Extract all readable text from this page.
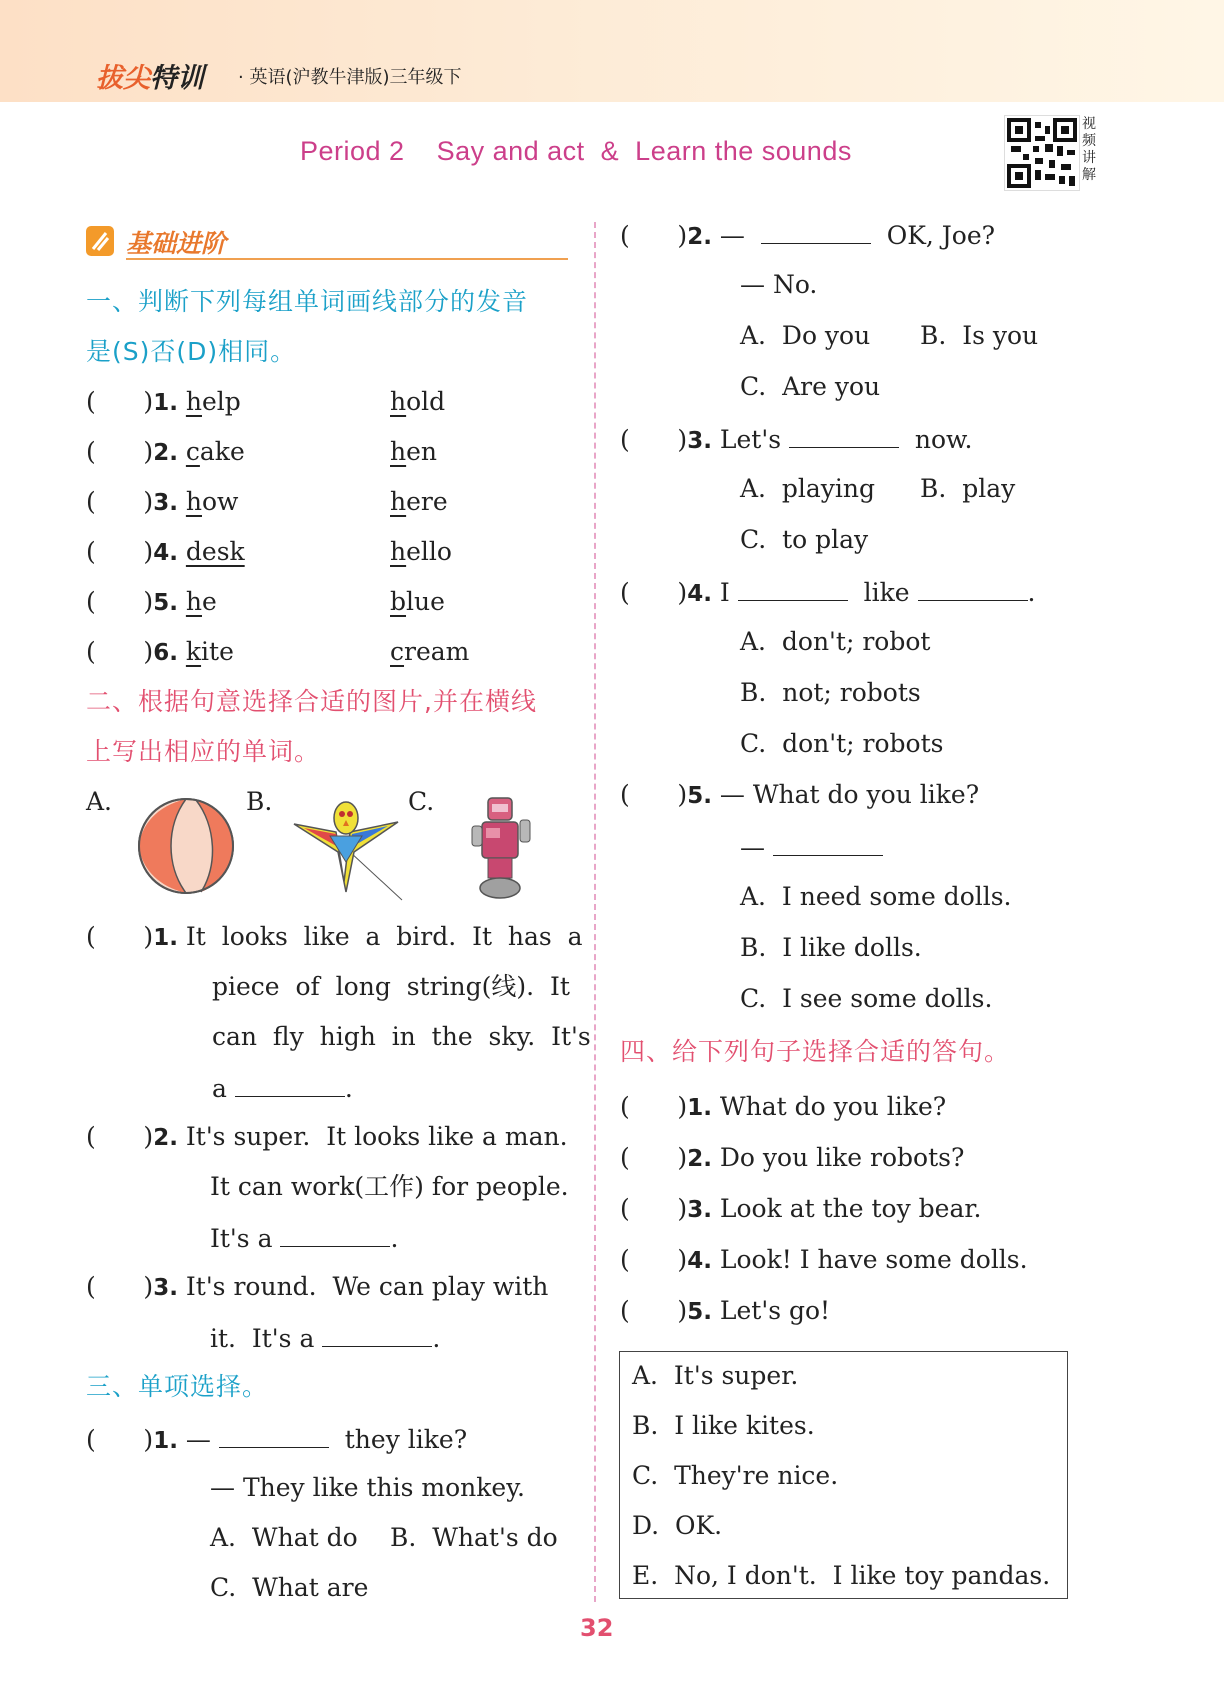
拔尖特训 · 英语(沪教牛津版)三年级下
Period 2    Say and act  &  Learn the sounds
视频讲解
基础进阶
一、判断下列每组单词画线部分的发音
是(S)否(D)相同。
(      )1. help	hold
(      )2. cake	hen
(      )3. how	here
(      )4. desk	hello
(      )5. he	blue
(      )6. kite	cream
二、根据句意选择合适的图片,并在横线
上写出相应的单词。
A.	B.	C.
(      )1. It  looks  like  a  bird.  It  has  a
piece  of  long  string(线).  It
can  fly  high  in  the  sky.  It's
a	.
(      )2. It's super.  It looks like a man.
It can work(工作) for people.
It's a	.
(      )3. It's round.  We can play with
it.  It's a	.
三、单项选择。
(      )1. —	they like?
— They like this monkey.
A.  What do B.  What's do
C.  What are
(      )2. —	OK, Joe?
— No.
A.  Do you B.  Is you
C.  Are you
(      )3. Let's	now.
A.  playing B.  play
C.  to play
(      )4. I	like	.
A.  don't; robot
B.  not; robots
C.  don't; robots
(      )5. — What do you like?
—
A.  I need some dolls.
B.  I like dolls.
C.  I see some dolls.
四、给下列句子选择合适的答句。
(      )1. What do you like?
(      )2. Do you like robots?
(      )3. Look at the toy bear.
(      )4. Look! I have some dolls.
(      )5. Let's go!
A.  It's super.
B.  I like kites.
C.  They're nice.
D.  OK.
E.  No, I don't.  I like toy pandas.
32
